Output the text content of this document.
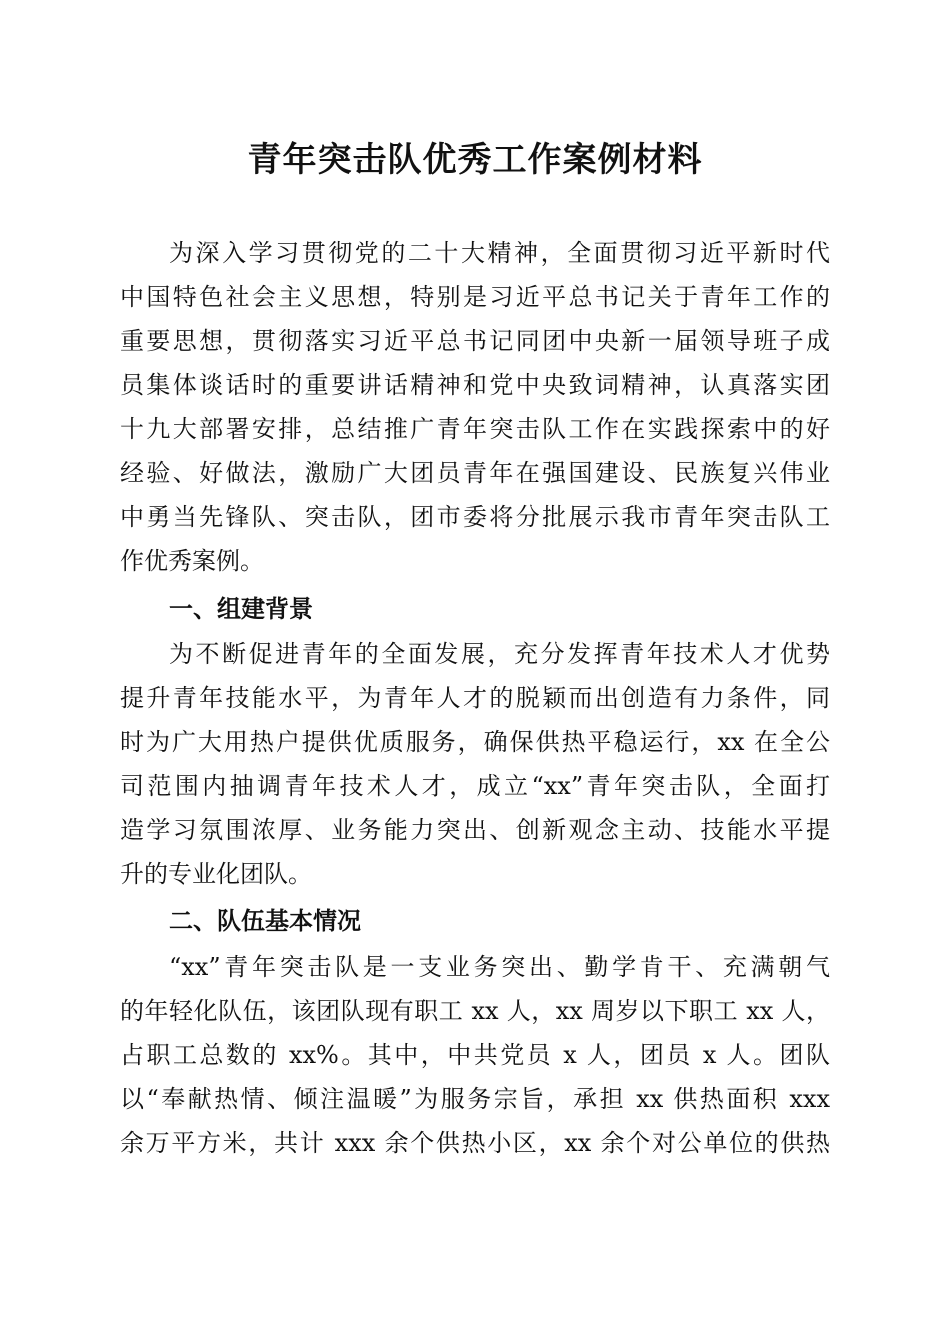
青年突击队优秀工作案例材料

为深入学习贯彻党的二十大精神，全面贯彻习近平新时代

中国特色社会主义思想，特别是习近平总书记关于青年工作的

重要思想，贯彻落实习近平总书记同团中央新一届领导班子成

员集体谈话时的重要讲话精神和党中央致词精神，认真落实团

十九大部署安排，总结推广青年突击队工作在实践探索中的好

经验、好做法，激励广大团员青年在强国建设、民族复兴伟业

中勇当先锋队、突击队，团市委将分批展示我市青年突击队工

作优秀案例。

一、组建背景

为不断促进青年的全面发展，充分发挥青年技术人才优势

提升青年技能水平，为青年人才的脱颖而出创造有力条件，同

时为广大用热户提供优质服务，确保供热平稳运行，xx 在全公

司范围内抽调青年技术人才，成立“xx”青年突击队，全面打

造学习氛围浓厚、业务能力突出、创新观念主动、技能水平提

升的专业化团队。

二、队伍基本情况

“xx”青年突击队是一支业务突出、勤学肯干、充满朝气

的年轻化队伍，该团队现有职工 xx 人，xx 周岁以下职工 xx 人，

占职工总数的 xx%。其中，中共党员 x 人，团员 x 人。团队

以“奉献热情、倾注温暖”为服务宗旨，承担 xx 供热面积 xxx

余万平方米，共计 xxx 余个供热小区，xx 余个对公单位的供热
